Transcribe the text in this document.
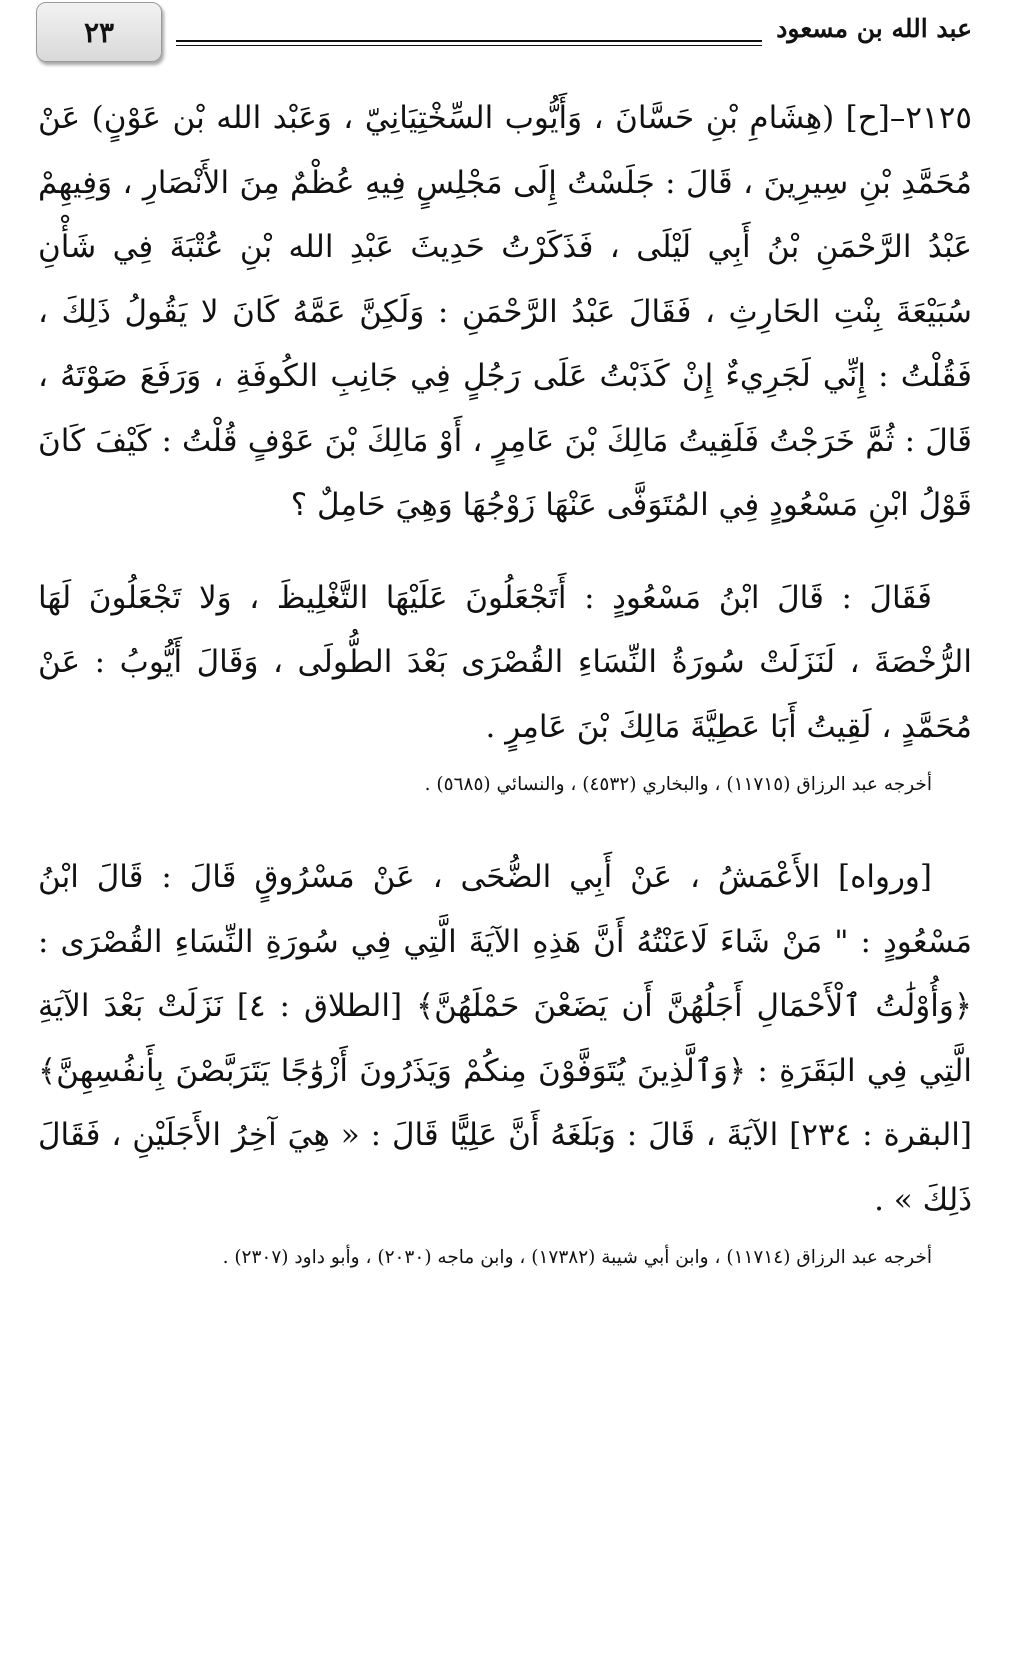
٢٣	عبد الله بن مسعود

٢١٢٥–[ح] (هِشَامِ بْنِ حَسَّانَ ، وَأَيُّوب السِّخْتِيَانِيّ ، وَعَبْد الله بْن عَوْنٍ) عَنْ مُحَمَّدِ بْنِ سِيرِينَ ، قَالَ : جَلَسْتُ إِلَى مَجْلِسٍ فِيهِ عُظْمٌ مِنَ الأَنْصَارِ ، وَفِيهِمْ عَبْدُ الرَّحْمَنِ بْنُ أَبِي لَيْلَى ، فَذَكَرْتُ حَدِيثَ عَبْدِ الله بْنِ عُتْبَةَ فِي شَأْنِ سُبَيْعَةَ بِنْتِ الحَارِثِ ، فَقَالَ عَبْدُ الرَّحْمَنِ : وَلَكِنَّ عَمَّهُ كَانَ لا يَقُولُ ذَلِكَ ، فَقُلْتُ : إِنِّي لَجَرِيءٌ إِنْ كَذَبْتُ عَلَى رَجُلٍ فِي جَانِبِ الكُوفَةِ ، وَرَفَعَ صَوْتَهُ ، قَالَ : ثُمَّ خَرَجْتُ فَلَقِيتُ مَالِكَ بْنَ عَامِرٍ ، أَوْ مَالِكَ بْنَ عَوْفٍ قُلْتُ : كَيْفَ كَانَ قَوْلُ ابْنِ مَسْعُودٍ فِي المُتَوَفَّى عَنْهَا زَوْجُهَا وَهِيَ حَامِلٌ ؟

فَقَالَ : قَالَ ابْنُ مَسْعُودٍ : أَتَجْعَلُونَ عَلَيْهَا التَّغْلِيظَ ، وَلا تَجْعَلُونَ لَهَا الرُّخْصَةَ ، لَنَزَلَتْ سُورَةُ النِّسَاءِ القُصْرَى بَعْدَ الطُّولَى ، وَقَالَ أَيُّوبُ : عَنْ مُحَمَّدٍ ، لَقِيتُ أَبَا عَطِيَّةَ مَالِكَ بْنَ عَامِرٍ .

أخرجه عبد الرزاق (١١٧١٥) ، والبخاري (٤٥٣٢) ، والنسائي (٥٦٨٥) .

[ورواه] الأَعْمَشُ ، عَنْ أَبِي الضُّحَى ، عَنْ مَسْرُوقٍ قَالَ : قَالَ ابْنُ مَسْعُودٍ : " مَنْ شَاءَ لَاعَنْتُهُ أَنَّ هَذِهِ الآيَةَ الَّتِي فِي سُورَةِ النِّسَاءِ القُصْرَى : ﴿وَأُوْلَٰتُ ٱلْأَحْمَالِ أَجَلُهُنَّ أَن يَضَعْنَ حَمْلَهُنَّ﴾ [الطلاق : ٤] نَزَلَتْ بَعْدَ الآيَةِ الَّتِي فِي البَقَرَةِ : ﴿وَٱلَّذِينَ يُتَوَفَّوْنَ مِنكُمْ وَيَذَرُونَ أَزْوَٰجًا يَتَرَبَّصْنَ بِأَنفُسِهِنَّ﴾ [البقرة : ٢٣٤] الآيَةَ ، قَالَ : وَبَلَغَهُ أَنَّ عَلِيًّا قَالَ : « هِيَ آخِرُ الأَجَلَيْنِ ، فَقَالَ ذَلِكَ » .

أخرجه عبد الرزاق (١١٧١٤) ، وابن أبي شيبة (١٧٣٨٢) ، وابن ماجه (٢٠٣٠) ، وأبو داود (٢٣٠٧) .
